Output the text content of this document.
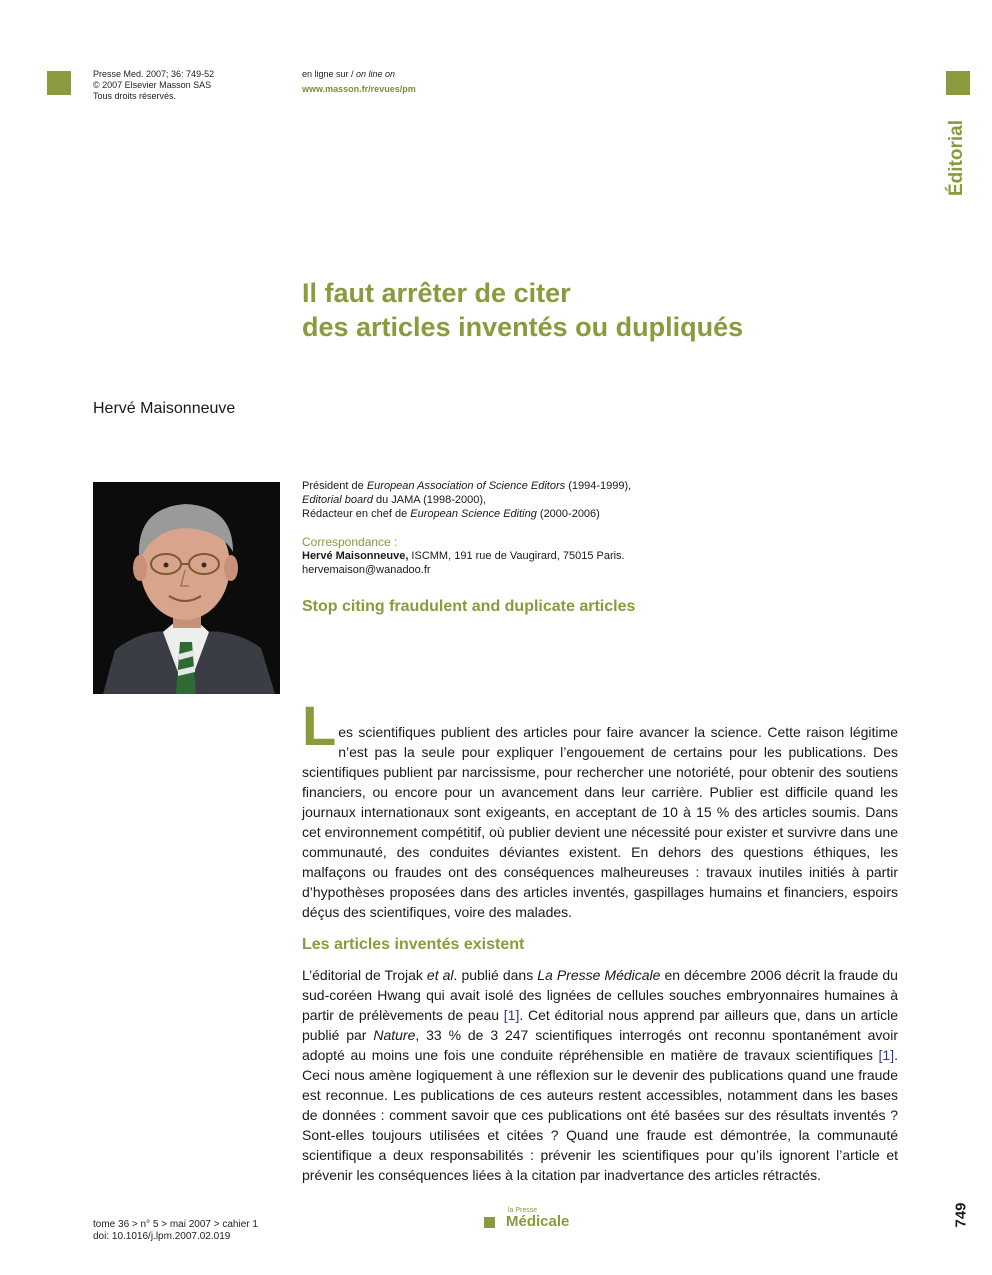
Presse Med. 2007; 36: 749-52
© 2007 Elsevier Masson SAS
Tous droits réservés.
en ligne sur / on line on
www.masson.fr/revues/pm
Éditorial
Il faut arrêter de citer
des articles inventés ou dupliqués
Hervé Maisonneuve
Président de European Association of Science Editors (1994-1999),
Editorial board du JAMA (1998-2000),
Rédacteur en chef de European Science Editing (2000-2006)
Correspondance :
Hervé Maisonneuve, ISCMM, 191 rue de Vaugirard, 75015 Paris.
hervemaison@wanadoo.fr
Stop citing fraudulent and duplicate articles
Les scientifiques publient des articles pour faire avancer la science. Cette raison légitime n’est pas la seule pour expliquer l’engouement de certains pour les publications. Des scientifiques publient par narcissisme, pour rechercher une notoriété, pour obtenir des soutiens financiers, ou encore pour un avancement dans leur carrière. Publier est difficile quand les journaux internationaux sont exigeants, en acceptant de 10 à 15 % des articles soumis. Dans cet environnement compétitif, où publier devient une nécessité pour exister et survivre dans une communauté, des conduites déviantes existent. En dehors des questions éthiques, les malfaçons ou fraudes ont des conséquences malheureuses : travaux inutiles initiés à partir d’hypothèses proposées dans des articles inventés, gaspillages humains et financiers, espoirs déçus des scientifiques, voire des malades.
Les articles inventés existent
L’éditorial de Trojak et al. publié dans La Presse Médicale en décembre 2006 décrit la fraude du sud-coréen Hwang qui avait isolé des lignées de cellules souches embryonnaires humaines à partir de prélèvements de peau [1]. Cet éditorial nous apprend par ailleurs que, dans un article publié par Nature, 33 % de 3 247 scientifiques interrogés ont reconnu spontanément avoir adopté au moins une fois une conduite répréhensible en matière de travaux scientifiques [1]. Ceci nous amène logiquement à une réflexion sur le devenir des publications quand une fraude est reconnue. Les publications de ces auteurs restent accessibles, notamment dans les bases de données : comment savoir que ces publications ont été basées sur des résultats inventés ? Sont-elles toujours utilisées et citées ? Quand une fraude est démontrée, la communauté scientifique a deux responsabilités : prévenir les scientifiques pour qu’ils ignorent l’article et prévenir les conséquences liées à la citation par inadvertance des articles rétractés.
tome 36 > n° 5 > mai 2007 > cahier 1
doi: 10.1016/j.lpm.2007.02.019
la Presse
Médicale	749
